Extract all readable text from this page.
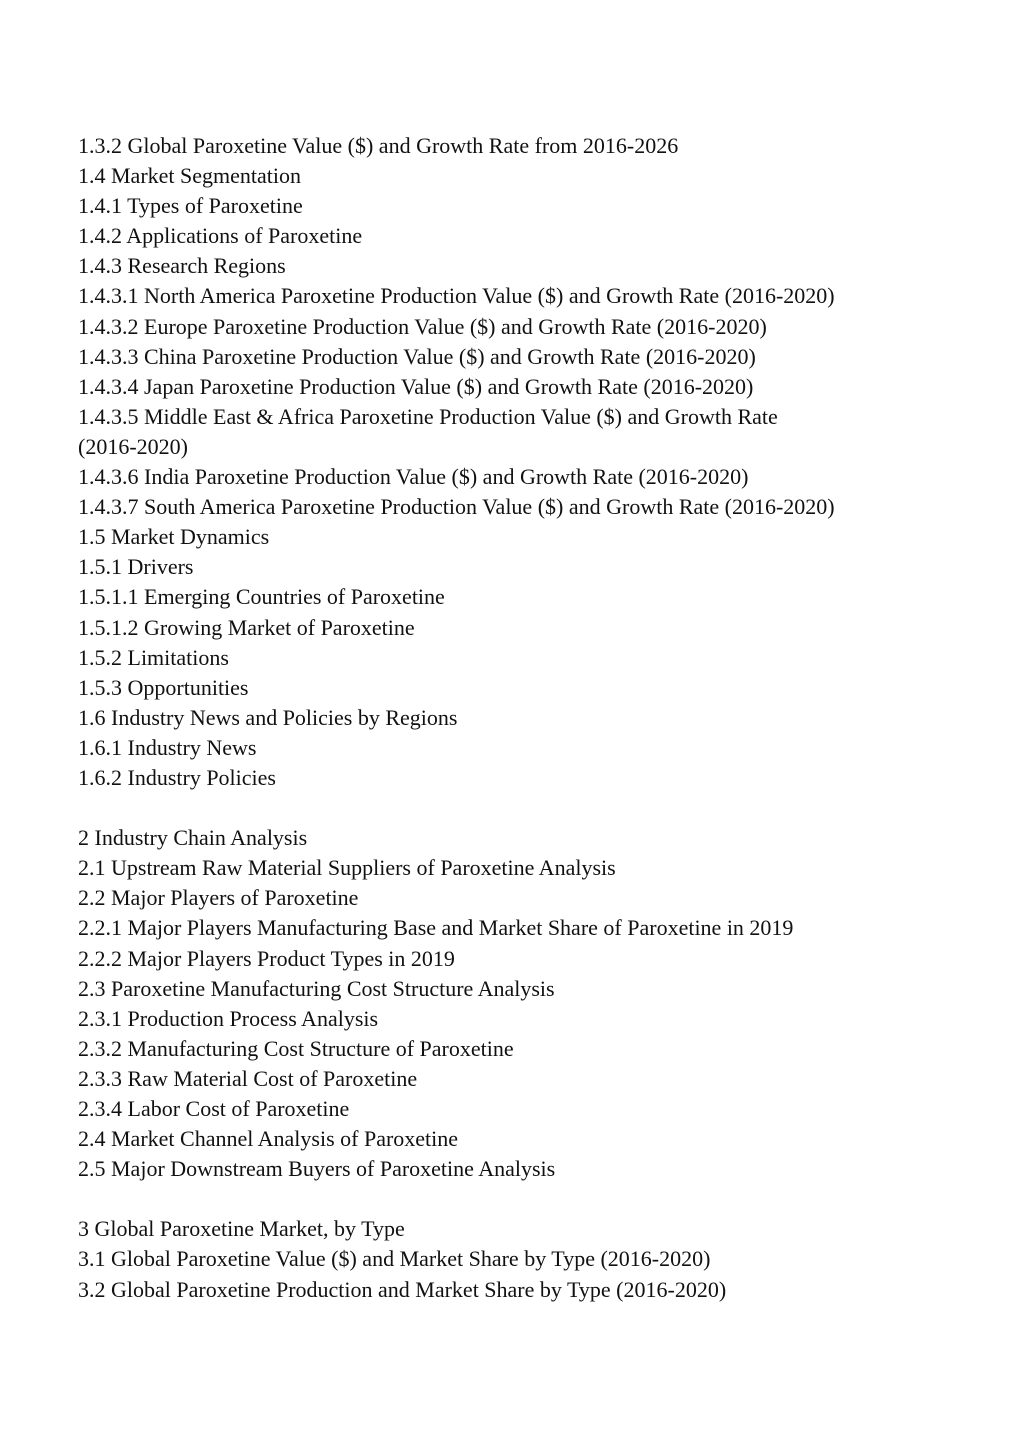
1.3.2 Global Paroxetine Value ($) and Growth Rate from 2016-2026
1.4 Market Segmentation
1.4.1 Types of Paroxetine
1.4.2 Applications of Paroxetine
1.4.3 Research Regions
1.4.3.1 North America Paroxetine Production Value ($) and Growth Rate (2016-2020)
1.4.3.2 Europe Paroxetine Production Value ($) and Growth Rate (2016-2020)
1.4.3.3 China Paroxetine Production Value ($) and Growth Rate (2016-2020)
1.4.3.4 Japan Paroxetine Production Value ($) and Growth Rate (2016-2020)
1.4.3.5 Middle East & Africa Paroxetine Production Value ($) and Growth Rate
(2016-2020)
1.4.3.6 India Paroxetine Production Value ($) and Growth Rate (2016-2020)
1.4.3.7 South America Paroxetine Production Value ($) and Growth Rate (2016-2020)
1.5 Market Dynamics
1.5.1 Drivers
1.5.1.1 Emerging Countries of Paroxetine
1.5.1.2 Growing Market of Paroxetine
1.5.2 Limitations
1.5.3 Opportunities
1.6 Industry News and Policies by Regions
1.6.1 Industry News
1.6.2 Industry Policies
2 Industry Chain Analysis
2.1 Upstream Raw Material Suppliers of Paroxetine Analysis
2.2 Major Players of Paroxetine
2.2.1 Major Players Manufacturing Base and Market Share of Paroxetine in 2019
2.2.2 Major Players Product Types in 2019
2.3 Paroxetine Manufacturing Cost Structure Analysis
2.3.1 Production Process Analysis
2.3.2 Manufacturing Cost Structure of Paroxetine
2.3.3 Raw Material Cost of Paroxetine
2.3.4 Labor Cost of Paroxetine
2.4 Market Channel Analysis of Paroxetine
2.5 Major Downstream Buyers of Paroxetine Analysis
3 Global Paroxetine Market, by Type
3.1 Global Paroxetine Value ($) and Market Share by Type (2016-2020)
3.2 Global Paroxetine Production and Market Share by Type (2016-2020)
